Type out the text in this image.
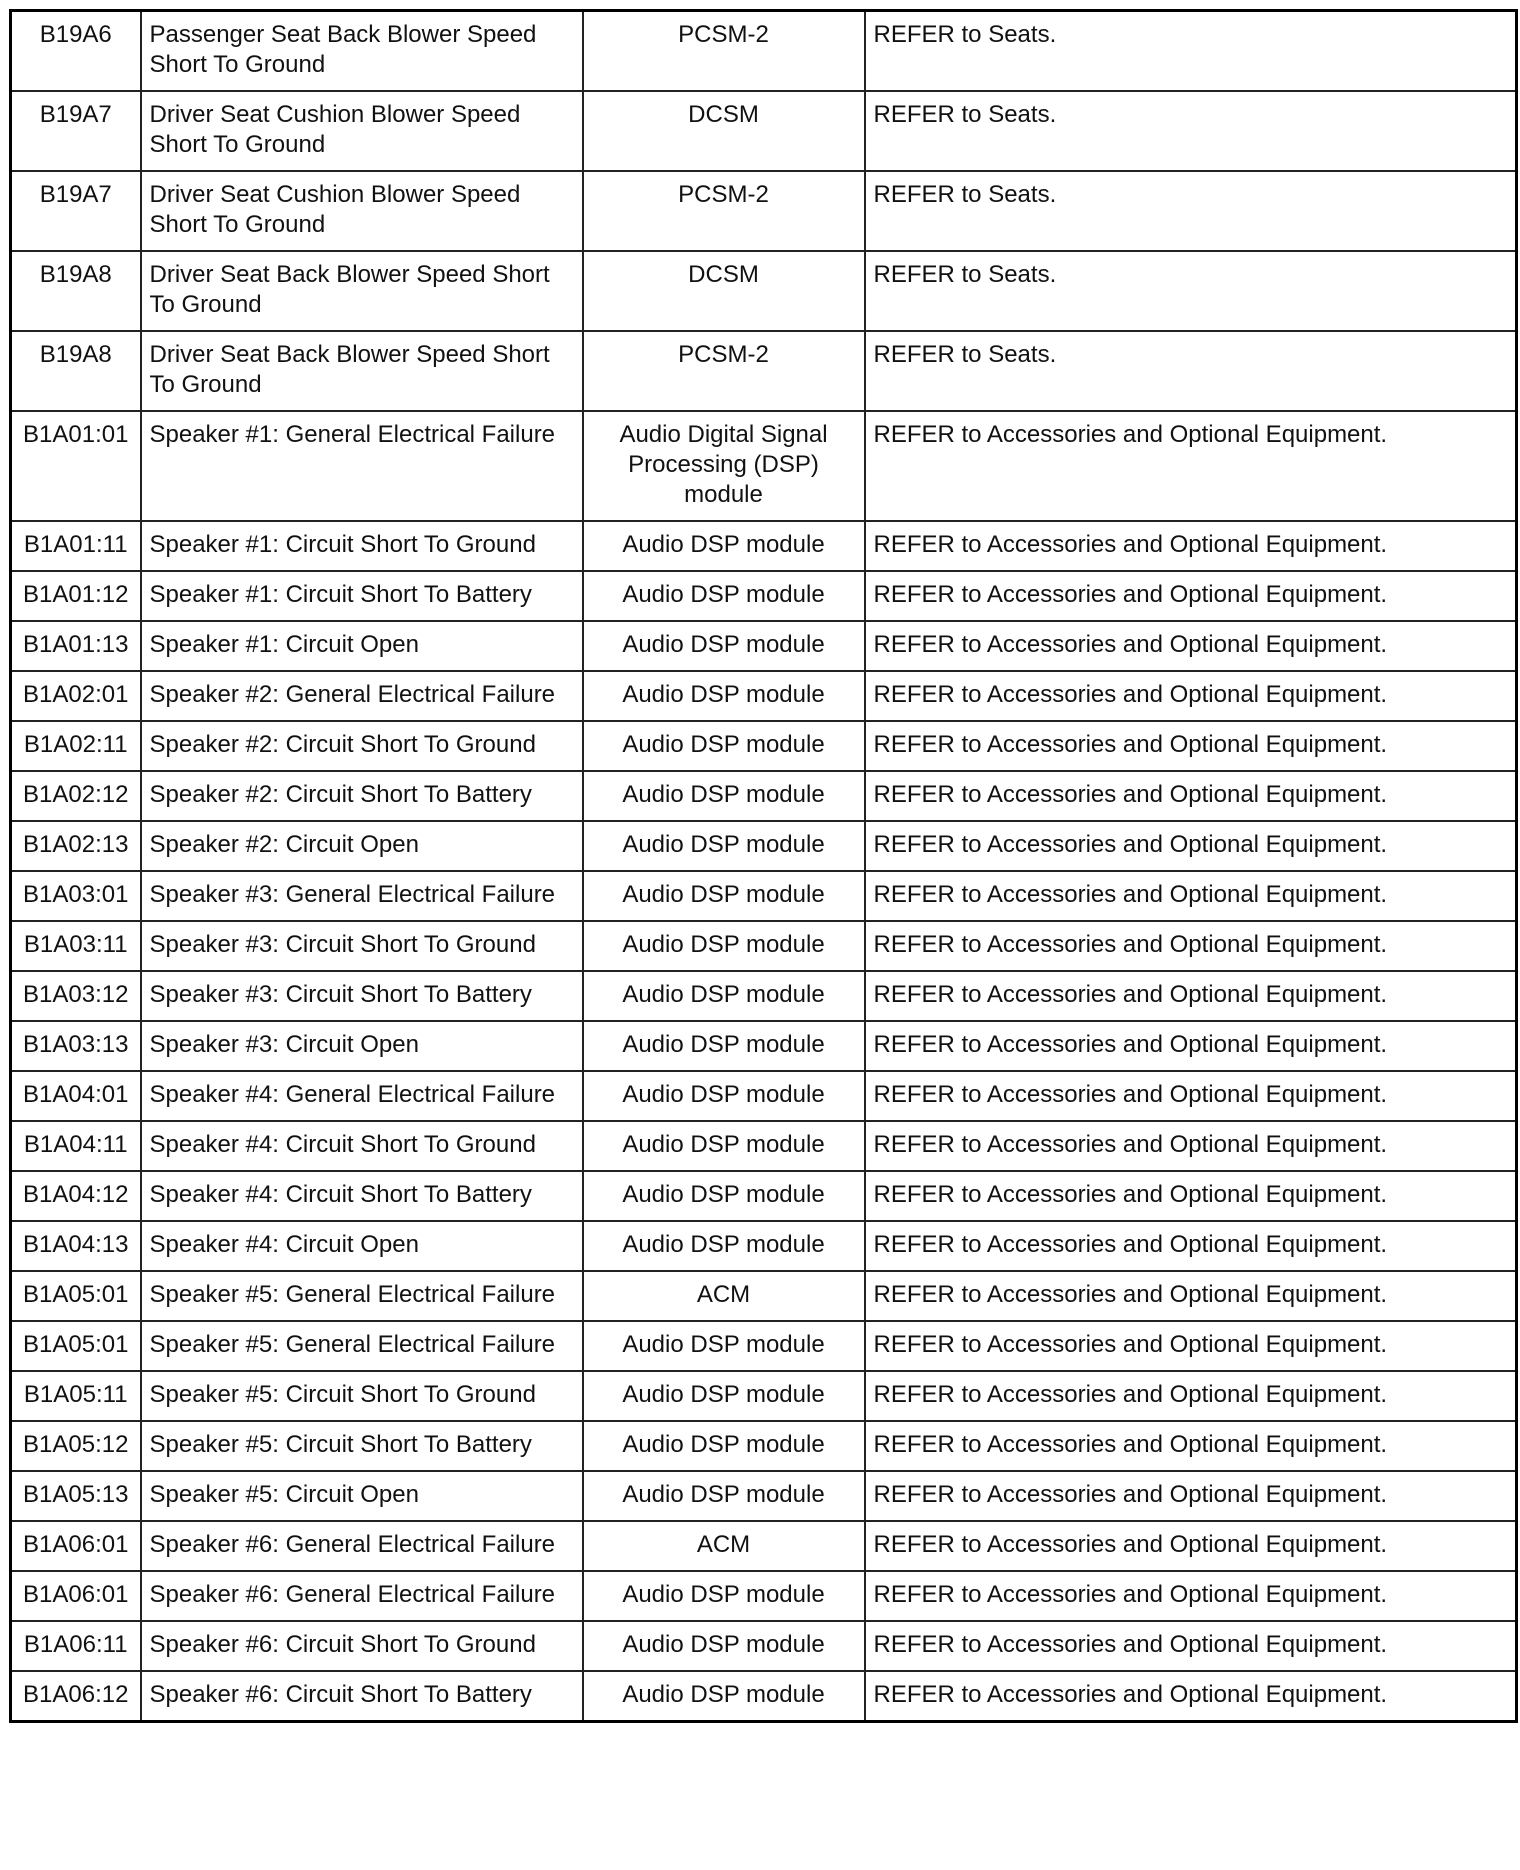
B19A6	Passenger Seat Back Blower Speed Short To Ground	PCSM-2	REFER to Seats.
B19A7	Driver Seat Cushion Blower Speed Short To Ground	DCSM	REFER to Seats.
B19A7	Driver Seat Cushion Blower Speed Short To Ground	PCSM-2	REFER to Seats.
B19A8	Driver Seat Back Blower Speed Short To Ground	DCSM	REFER to Seats.
B19A8	Driver Seat Back Blower Speed Short To Ground	PCSM-2	REFER to Seats.
B1A01:01	Speaker #1: General Electrical Failure	Audio Digital Signal Processing (DSP) module	REFER to Accessories and Optional Equipment.
B1A01:11	Speaker #1: Circuit Short To Ground	Audio DSP module	REFER to Accessories and Optional Equipment.
B1A01:12	Speaker #1: Circuit Short To Battery	Audio DSP module	REFER to Accessories and Optional Equipment.
B1A01:13	Speaker #1: Circuit Open	Audio DSP module	REFER to Accessories and Optional Equipment.
B1A02:01	Speaker #2: General Electrical Failure	Audio DSP module	REFER to Accessories and Optional Equipment.
B1A02:11	Speaker #2: Circuit Short To Ground	Audio DSP module	REFER to Accessories and Optional Equipment.
B1A02:12	Speaker #2: Circuit Short To Battery	Audio DSP module	REFER to Accessories and Optional Equipment.
B1A02:13	Speaker #2: Circuit Open	Audio DSP module	REFER to Accessories and Optional Equipment.
B1A03:01	Speaker #3: General Electrical Failure	Audio DSP module	REFER to Accessories and Optional Equipment.
B1A03:11	Speaker #3: Circuit Short To Ground	Audio DSP module	REFER to Accessories and Optional Equipment.
B1A03:12	Speaker #3: Circuit Short To Battery	Audio DSP module	REFER to Accessories and Optional Equipment.
B1A03:13	Speaker #3: Circuit Open	Audio DSP module	REFER to Accessories and Optional Equipment.
B1A04:01	Speaker #4: General Electrical Failure	Audio DSP module	REFER to Accessories and Optional Equipment.
B1A04:11	Speaker #4: Circuit Short To Ground	Audio DSP module	REFER to Accessories and Optional Equipment.
B1A04:12	Speaker #4: Circuit Short To Battery	Audio DSP module	REFER to Accessories and Optional Equipment.
B1A04:13	Speaker #4: Circuit Open	Audio DSP module	REFER to Accessories and Optional Equipment.
B1A05:01	Speaker #5: General Electrical Failure	ACM	REFER to Accessories and Optional Equipment.
B1A05:01	Speaker #5: General Electrical Failure	Audio DSP module	REFER to Accessories and Optional Equipment.
B1A05:11	Speaker #5: Circuit Short To Ground	Audio DSP module	REFER to Accessories and Optional Equipment.
B1A05:12	Speaker #5: Circuit Short To Battery	Audio DSP module	REFER to Accessories and Optional Equipment.
B1A05:13	Speaker #5: Circuit Open	Audio DSP module	REFER to Accessories and Optional Equipment.
B1A06:01	Speaker #6: General Electrical Failure	ACM	REFER to Accessories and Optional Equipment.
B1A06:01	Speaker #6: General Electrical Failure	Audio DSP module	REFER to Accessories and Optional Equipment.
B1A06:11	Speaker #6: Circuit Short To Ground	Audio DSP module	REFER to Accessories and Optional Equipment.
B1A06:12	Speaker #6: Circuit Short To Battery	Audio DSP module	REFER to Accessories and Optional Equipment.
